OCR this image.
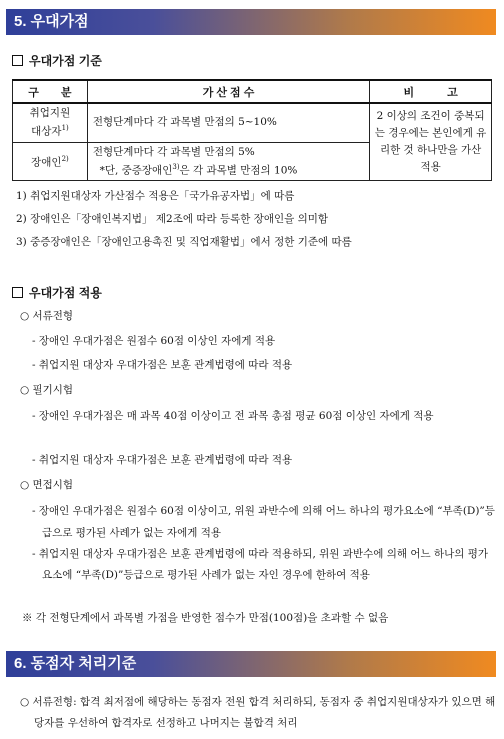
5. 우대가점
우대가점 기준
구　　분	가 산 점 수	비　　　고
취업지원
대상자$^{1)}$	전형단계마다 각 과목별 만점의 5~10%	2 이상의 조건이 중복되는 경우에는 본인에게 유리한 것 하나만을 가산 적용
장애인$^{2)}$	전형단계마다 각 과목별 만점의 5%
*단, 중증장애인$^{3)}$은 각 과목별 만점의 10%	
1) 취업지원대상자 가산점수 적용은「국가유공자법」에 따름
2) 장애인은「장애인복지법」 제2조에 따라 등록한 장애인을 의미함
3) 중증장애인은「장애인고용촉진 및 직업재활법」에서 정한 기준에 따름
우대가점 적용
○ 서류전형
- 장애인 우대가점은 원점수 60점 이상인 자에게 적용
- 취업지원 대상자 우대가점은 보훈 관계법령에 따라 적용
○ 필기시험
- 장애인 우대가점은 매 과목 40점 이상이고 전 과목 총점 평균 60점 이상인 자에게 적용
- 취업지원 대상자 우대가점은 보훈 관계법령에 따라 적용
○ 면접시험
- 장애인 우대가점은 원점수 60점 이상이고, 위원 과반수에 의해 어느 하나의 평가요소에 “부족(D)”등급으로 평가된 사례가 없는 자에게 적용
- 취업지원 대상자 우대가점은 보훈 관계법령에 따라 적용하되, 위원 과반수에 의해 어느 하나의 평가요소에 “부족(D)”등급으로 평가된 사례가 없는 자인 경우에 한하여 적용
※ 각 전형단계에서 과목별 가점을 반영한 점수가 만점(100점)을 초과할 수 없음
6. 동점자 처리기준
○ 서류전형: 합격 최저점에 해당하는 동점자 전원 합격 처리하되, 동점자 중 취업지원대상자가 있으면 해당자를 우선하여 합격자로 선정하고 나머지는 불합격 처리
